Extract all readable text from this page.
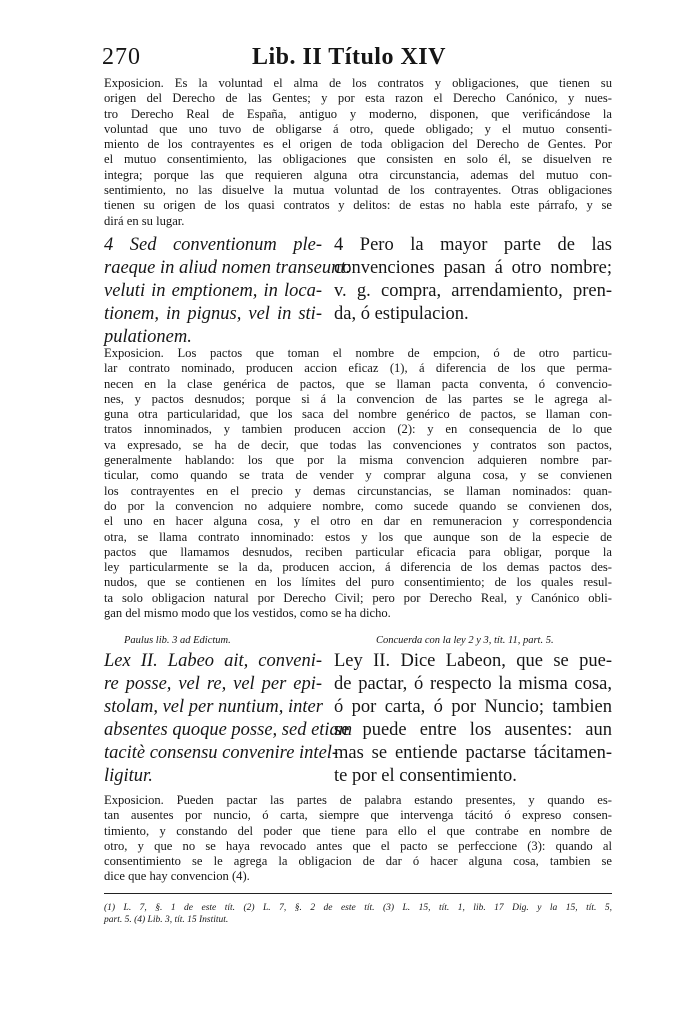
270	Lib. II Título XIV
Exposicion. Es la voluntad el alma de los contratos y obligaciones, que tienen su
origen del Derecho de las Gentes; y por esta razon el Derecho Canónico, y nues-
tro Derecho Real de España, antiguo y moderno, disponen, que verificándose la
voluntad que uno tuvo de obligarse á otro, quede obligado; y el mutuo consenti-
miento de los contrayentes es el origen de toda obligacion del Derecho de Gentes. Por
el mutuo consentimiento, las obligaciones que consisten en solo él, se disuelven re
integra; porque las que requieren alguna otra circunstancia, ademas del mutuo con-
sentimiento, no las disuelve la mutua voluntad de los contrayentes. Otras obligaciones
tienen su origen de los quasi contratos y delitos: de estas no habla este párrafo, y se
dirá en su lugar.
4 Sed conventionum ple-
raeque in aliud nomen transeunt:
veluti in emptionem, in loca-
tionem, in pignus, vel in sti-
pulationem.
4 Pero la mayor parte de las
convenciones pasan á otro nombre;
v. g. compra, arrendamiento, pren-
da, ó estipulacion.
Exposicion. Los pactos que toman el nombre de empcion, ó de otro particu-
lar contrato nominado, producen accion eficaz (1), á diferencia de los que perma-
necen en la clase genérica de pactos, que se llaman pacta conventa, ó convencio-
nes, y pactos desnudos; porque si á la convencion de las partes se le agrega al-
guna otra particularidad, que los saca del nombre genérico de pactos, se llaman con-
tratos innominados, y tambien producen accion (2): y en consequencia de lo que
va expresado, se ha de decir, que todas las convenciones y contratos son pactos,
generalmente hablando: los que por la misma convencion adquieren nombre par-
ticular, como quando se trata de vender y comprar alguna cosa, y se convienen
los contrayentes en el precio y demas circunstancias, se llaman nominados: quan-
do por la convencion no adquiere nombre, como sucede quando se convienen dos,
el uno en hacer alguna cosa, y el otro en dar en remuneracion y correspondencia
otra, se llama contrato innominado: estos y los que aunque son de la especie de
pactos que llamamos desnudos, reciben particular eficacia para obligar, porque la
ley particularmente se la da, producen accion, á diferencia de los demas pactos des-
nudos, que se contienen en los límites del puro consentimiento; de los quales resul-
ta solo obligacion natural por Derecho Civil; pero por Derecho Real, y Canónico obli-
gan del mismo modo que los vestidos, como se ha dicho.
Paulus lib. 3 ad Edictum.	Concuerda con la ley 2 y 3, tít. 11, part. 5.
Lex II. Labeo ait, conveni-
re posse, vel re, vel per epi-
stolam, vel per nuntium, inter
absentes quoque posse, sed etiam
tacitè consensu convenire intel-
ligitur.
Ley II. Dice Labeon, que se pue-
de pactar, ó respecto la misma cosa,
ó por carta, ó por Nuncio; tambien
se puede entre los ausentes: aun
mas se entiende pactarse tácitamen-
te por el consentimiento.
Exposicion. Pueden pactar las partes de palabra estando presentes, y quando es-
tan ausentes por nuncio, ó carta, siempre que intervenga tácitó ó expreso consen-
timiento, y constando del poder que tiene para ello el que contrabe en nombre de
otro, y que no se haya revocado antes que el pacto se perfeccione (3): quando al
consentimiento se le agrega la obligacion de dar ó hacer alguna cosa, tambien se
dice que hay convencion (4).
(1) L. 7, §. 1 de este tít. (2) L. 7, §. 2 de este tít. (3) L. 15, tít. 1, lib. 17 Dig. y la 15, tít. 5,
part. 5. (4) Lib. 3, tít. 15 Institut.
